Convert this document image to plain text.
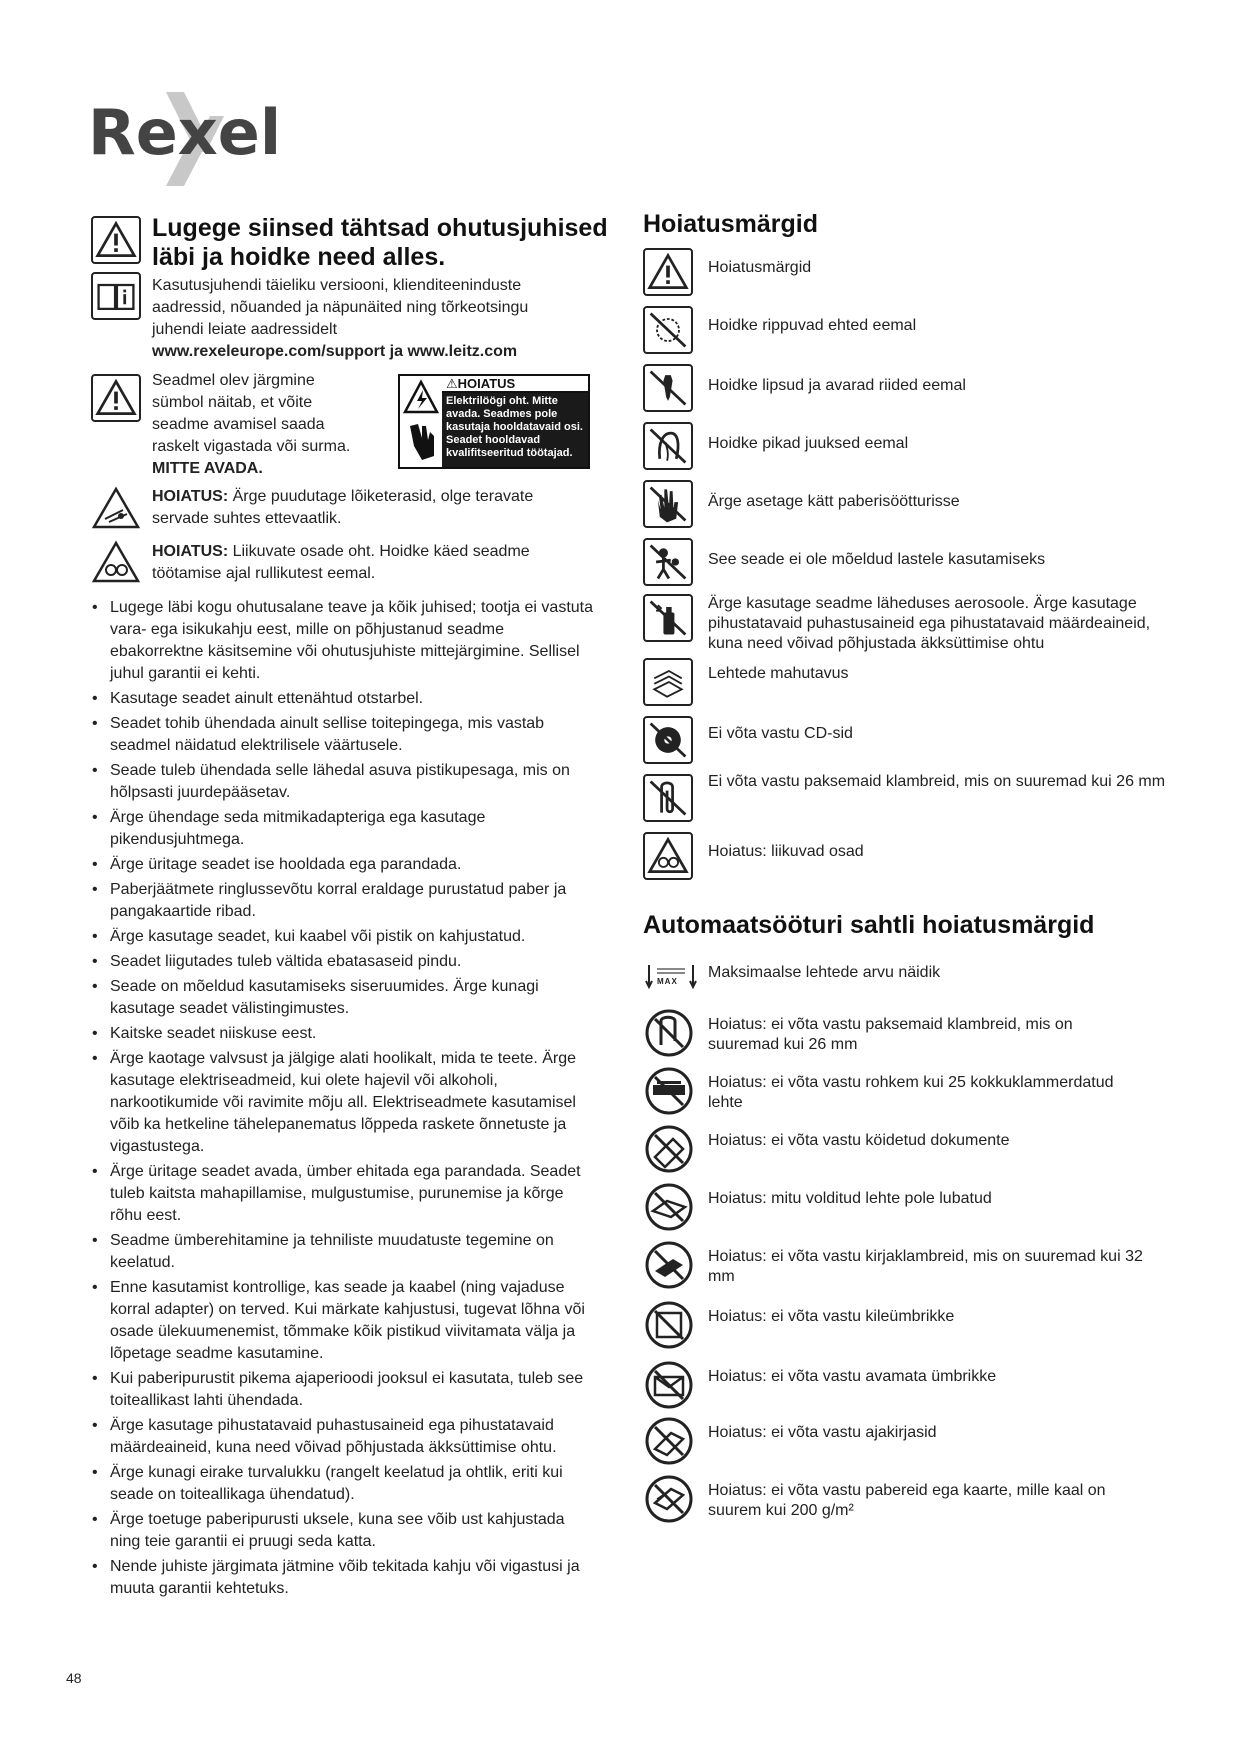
Rexel
Lugege siinsed tähtsad ohutusjuhised läbi ja hoidke need alles.
Kasutusjuhendi täieliku versiooni, klienditeeninduste aadressid, nõuanded ja näpunäited ning tõrkeotsingu juhendi leiate aadressidelt
www.rexeleurope.com/support ja www.leitz.com
Seadmel olev järgmine sümbol näitab, et võite seadme avamisel saada raskelt vigastada või surma.
MITTE AVADA.
⚠HOIATUS
Elektrilöögi oht. Mitte avada. Seadmes pole kasutaja hooldatavaid osi. Seadet hooldavad kvalifitseeritud töötajad.
HOIATUS: Ärge puudutage lõiketerasid, olge teravate servade suhtes ettevaatlik.
HOIATUS: Liikuvate osade oht. Hoidke käed seadme töötamise ajal rullikutest eemal.
• Lugege läbi kogu ohutusalane teave ja kõik juhised; tootja ei vastuta vara- ega isikukahju eest, mille on põhjustanud seadme ebakorrektne käsitsemine või ohutusjuhiste mittejärgimine. Sellisel juhul garantii ei kehti.
• Kasutage seadet ainult ettenähtud otstarbel.
• Seadet tohib ühendada ainult sellise toitepingega, mis vastab seadmel näidatud elektrilisele väärtusele.
• Seade tuleb ühendada selle lähedal asuva pistikupesaga, mis on hõlpsasti juurdepääsetav.
• Ärge ühendage seda mitmikadapteriga ega kasutage pikendusjuhtmega.
• Ärge üritage seadet ise hooldada ega parandada.
• Paberjäätmete ringlussevõtu korral eraldage purustatud paber ja pangakaartide ribad.
• Ärge kasutage seadet, kui kaabel või pistik on kahjustatud.
• Seadet liigutades tuleb vältida ebatasaseid pindu.
• Seade on mõeldud kasutamiseks siseruumides. Ärge kunagi kasutage seadet välistingimustes.
• Kaitske seadet niiskuse eest.
• Ärge kaotage valvsust ja jälgige alati hoolikalt, mida te teete. Ärge kasutage elektriseadmeid, kui olete hajevil või alkoholi, narkootikumide või ravimite mõju all. Elektriseadmete kasutamisel võib ka hetkeline tähelepanematus lõppeda raskete õnnetuste ja vigastustega.
• Ärge üritage seadet avada, ümber ehitada ega parandada. Seadet tuleb kaitsta mahapillamise, mulgustumise, purunemise ja kõrge rõhu eest.
• Seadme ümberehitamine ja tehniliste muudatuste tegemine on keelatud.
• Enne kasutamist kontrollige, kas seade ja kaabel (ning vajaduse korral adapter) on terved. Kui märkate kahjustusi, tugevat lõhna või osade ülekuumenemist, tõmmake kõik pistikud viivitamata välja ja lõpetage seadme kasutamine.
• Kui paberipurustit pikema ajaperioodi jooksul ei kasutata, tuleb see toiteallikast lahti ühendada.
• Ärge kasutage pihustatavaid puhastusaineid ega pihustatavaid määrdeaineid, kuna need võivad põhjustada äkksüttimise ohtu.
• Ärge kunagi eirake turvalukku (rangelt keelatud ja ohtlik, eriti kui seade on toiteallikaga ühendatud).
• Ärge toetuge paberipurusti uksele, kuna see võib ust kahjustada ning teie garantii ei pruugi seda katta.
• Nende juhiste järgimata jätmine võib tekitada kahju või vigastusi ja muuta garantii kehtetuks.
Hoiatusmärgid
Hoiatusmärgid
Hoidke rippuvad ehted eemal
Hoidke lipsud ja avarad riided eemal
Hoidke pikad juuksed eemal
Ärge asetage kätt paberisöötturisse
See seade ei ole mõeldud lastele kasutamiseks
Ärge kasutage seadme läheduses aerosoole. Ärge kasutage pihustatavaid puhastusaineid ega pihustatavaid määrdeaineid, kuna need võivad põhjustada äkksüttimise ohtu
Lehtede mahutavus
Ei võta vastu CD-sid
Ei võta vastu paksemaid klambreid, mis on suuremad kui 26 mm
Hoiatus: liikuvad osad
Automaatsööturi sahtli hoiatusmärgid
MAX
Maksimaalse lehtede arvu näidik
Hoiatus: ei võta vastu paksemaid klambreid, mis on suuremad kui 26 mm
Hoiatus: ei võta vastu rohkem kui 25 kokkuklammerdatud lehte
Hoiatus: ei võta vastu köidetud dokumente
Hoiatus: mitu volditud lehte pole lubatud
Hoiatus: ei võta vastu kirjaklambreid, mis on suuremad kui 32 mm
Hoiatus: ei võta vastu kileümbrikke
Hoiatus: ei võta vastu avamata ümbrikke
Hoiatus: ei võta vastu ajakirjasid
Hoiatus: ei võta vastu pabereid ega kaarte, mille kaal on suurem kui 200 g/m²
48
